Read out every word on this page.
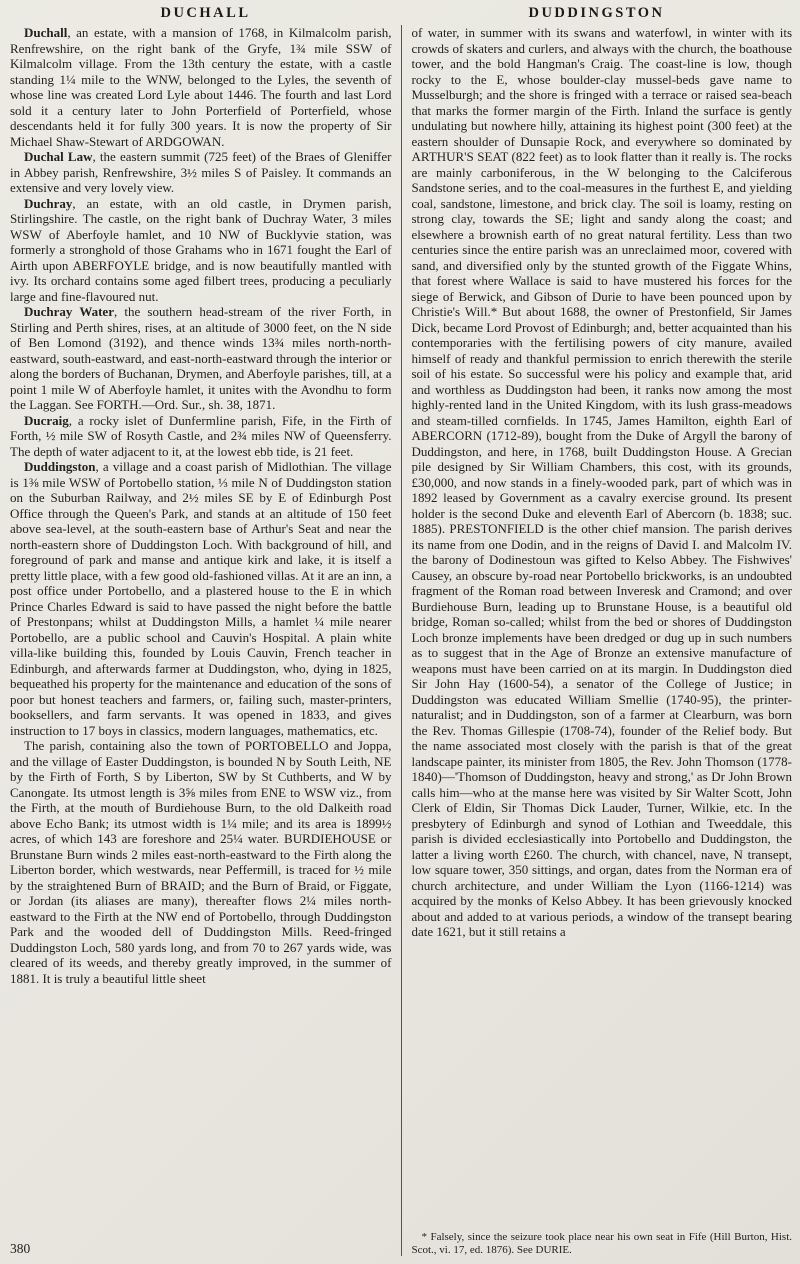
DUCHALL	DUDDINGSTON

Duchall, an estate, with a mansion of 1768, in Kilmalcolm parish, Renfrewshire, on the right bank of the Gryfe, 1¾ mile SSW of Kilmalcolm village. From the 13th century the estate, with a castle standing 1¼ mile to the WNW, belonged to the Lyles, the seventh of whose line was created Lord Lyle about 1446. The fourth and last Lord sold it a century later to John Porterfield of Porterfield, whose descendants held it for fully 300 years. It is now the property of Sir Michael Shaw-Stewart of ARDGOWAN.

Duchal Law, the eastern summit (725 feet) of the Braes of Gleniffer in Abbey parish, Renfrewshire, 3½ miles S of Paisley. It commands an extensive and very lovely view.

Duchray, an estate, with an old castle, in Drymen parish, Stirlingshire. The castle, on the right bank of Duchray Water, 3 miles WSW of Aberfoyle hamlet, and 10 NW of Bucklyvie station, was formerly a stronghold of those Grahams who in 1671 fought the Earl of Airth upon ABERFOYLE bridge, and is now beautifully mantled with ivy. Its orchard contains some aged filbert trees, producing a peculiarly large and fine-flavoured nut.

Duchray Water, the southern head-stream of the river Forth, in Stirling and Perth shires, rises, at an altitude of 3000 feet, on the N side of Ben Lomond (3192), and thence winds 13¾ miles north-north-eastward, south-eastward, and east-north-eastward through the interior or along the borders of Buchanan, Drymen, and Aberfoyle parishes, till, at a point 1 mile W of Aberfoyle hamlet, it unites with the Avondhu to form the Laggan. See FORTH.—Ord. Sur., sh. 38, 1871.

Ducraig, a rocky islet of Dunfermline parish, Fife, in the Firth of Forth, ½ mile SW of Rosyth Castle, and 2¾ miles NW of Queensferry. The depth of water adjacent to it, at the lowest ebb tide, is 21 feet.

Duddingston, a village and a coast parish of Midlothian. The village is 1⅜ mile WSW of Portobello station, ⅓ mile N of Duddingston station on the Suburban Railway, and 2½ miles SE by E of Edinburgh Post Office through the Queen's Park, and stands at an altitude of 150 feet above sea-level, at the south-eastern base of Arthur's Seat and near the north-eastern shore of Duddingston Loch. With background of hill, and foreground of park and manse and antique kirk and lake, it is itself a pretty little place, with a few good old-fashioned villas. At it are an inn, a post office under Portobello, and a plastered house to the E in which Prince Charles Edward is said to have passed the night before the battle of Prestonpans; whilst at Duddingston Mills, a hamlet ¼ mile nearer Portobello, are a public school and Cauvin's Hospital. A plain white villa-like building this, founded by Louis Cauvin, French teacher in Edinburgh, and afterwards farmer at Duddingston, who, dying in 1825, bequeathed his property for the maintenance and education of the sons of poor but honest teachers and farmers, or, failing such, master-printers, booksellers, and farm servants. It was opened in 1833, and gives instruction to 17 boys in classics, modern languages, mathematics, etc.

The parish, containing also the town of PORTOBELLO and Joppa, and the village of Easter Duddingston, is bounded N by South Leith, NE by the Firth of Forth, S by Liberton, SW by St Cuthberts, and W by Canongate. Its utmost length is 3⅝ miles from ENE to WSW viz., from the Firth, at the mouth of Burdiehouse Burn, to the old Dalkeith road above Echo Bank; its utmost width is 1¼ mile; and its area is 1899½ acres, of which 143 are foreshore and 25¼ water. BURDIEHOUSE or Brunstane Burn winds 2 miles east-north-eastward to the Firth along the Liberton border, which westwards, near Peffermill, is traced for ½ mile by the straightened Burn of BRAID; and the Burn of Braid, or Figgate, or Jordan (its aliases are many), thereafter flows 2¼ miles north-eastward to the Firth at the NW end of Portobello, through Duddingston Park and the wooded dell of Duddingston Mills. Reed-fringed Duddingston Loch, 580 yards long, and from 70 to 267 yards wide, was cleared of its weeds, and thereby greatly improved, in the summer of 1881. It is truly a beautiful little sheet

380

of water, in summer with its swans and waterfowl, in winter with its crowds of skaters and curlers, and always with the church, the boathouse tower, and the bold Hangman's Craig. The coast-line is low, though rocky to the E, whose boulder-clay mussel-beds gave name to Musselburgh; and the shore is fringed with a terrace or raised sea-beach that marks the former margin of the Firth. Inland the surface is gently undulating but nowhere hilly, attaining its highest point (300 feet) at the eastern shoulder of Dunsapie Rock, and everywhere so dominated by ARTHUR'S SEAT (822 feet) as to look flatter than it really is. The rocks are mainly carboniferous, in the W belonging to the Calciferous Sandstone series, and to the coal-measures in the furthest E, and yielding coal, sandstone, limestone, and brick clay. The soil is loamy, resting on strong clay, towards the SE; light and sandy along the coast; and elsewhere a brownish earth of no great natural fertility. Less than two centuries since the entire parish was an unreclaimed moor, covered with sand, and diversified only by the stunted growth of the Figgate Whins, that forest where Wallace is said to have mustered his forces for the siege of Berwick, and Gibson of Durie to have been pounced upon by Christie's Will.* But about 1688, the owner of Prestonfield, Sir James Dick, became Lord Provost of Edinburgh; and, better acquainted than his contemporaries with the fertilising powers of city manure, availed himself of ready and thankful permission to enrich therewith the sterile soil of his estate. So successful were his policy and example that, arid and worthless as Duddingston had been, it ranks now among the most highly-rented land in the United Kingdom, with its lush grass-meadows and steam-tilled cornfields. In 1745, James Hamilton, eighth Earl of ABERCORN (1712-89), bought from the Duke of Argyll the barony of Duddingston, and here, in 1768, built Duddingston House. A Grecian pile designed by Sir William Chambers, this cost, with its grounds, £30,000, and now stands in a finely-wooded park, part of which was in 1892 leased by Government as a cavalry exercise ground. Its present holder is the second Duke and eleventh Earl of Abercorn (b. 1838; suc. 1885). PRESTONFIELD is the other chief mansion. The parish derives its name from one Dodin, and in the reigns of David I. and Malcolm IV. the barony of Dodinestoun was gifted to Kelso Abbey. The Fishwives' Causey, an obscure by-road near Portobello brickworks, is an undoubted fragment of the Roman road between Inveresk and Cramond; and over Burdiehouse Burn, leading up to Brunstane House, is a beautiful old bridge, Roman so-called; whilst from the bed or shores of Duddingston Loch bronze implements have been dredged or dug up in such numbers as to suggest that in the Age of Bronze an extensive manufacture of weapons must have been carried on at its margin. In Duddingston died Sir John Hay (1600-54), a senator of the College of Justice; in Duddingston was educated William Smellie (1740-95), the printer-naturalist; and in Duddingston, son of a farmer at Clearburn, was born the Rev. Thomas Gillespie (1708-74), founder of the Relief body. But the name associated most closely with the parish is that of the great landscape painter, its minister from 1805, the Rev. John Thomson (1778-1840)—'Thomson of Duddingston, heavy and strong,' as Dr John Brown calls him—who at the manse here was visited by Sir Walter Scott, John Clerk of Eldin, Sir Thomas Dick Lauder, Turner, Wilkie, etc. In the presbytery of Edinburgh and synod of Lothian and Tweeddale, this parish is divided ecclesiastically into Portobello and Duddingston, the latter a living worth £260. The church, with chancel, nave, N transept, low square tower, 350 sittings, and organ, dates from the Norman era of church architecture, and under William the Lyon (1166-1214) was acquired by the monks of Kelso Abbey. It has been grievously knocked about and added to at various periods, a window of the transept bearing date 1621, but it still retains a

* Falsely, since the seizure took place near his own seat in Fife (Hill Burton, Hist. Scot., vi. 17, ed. 1876). See DURIE.
